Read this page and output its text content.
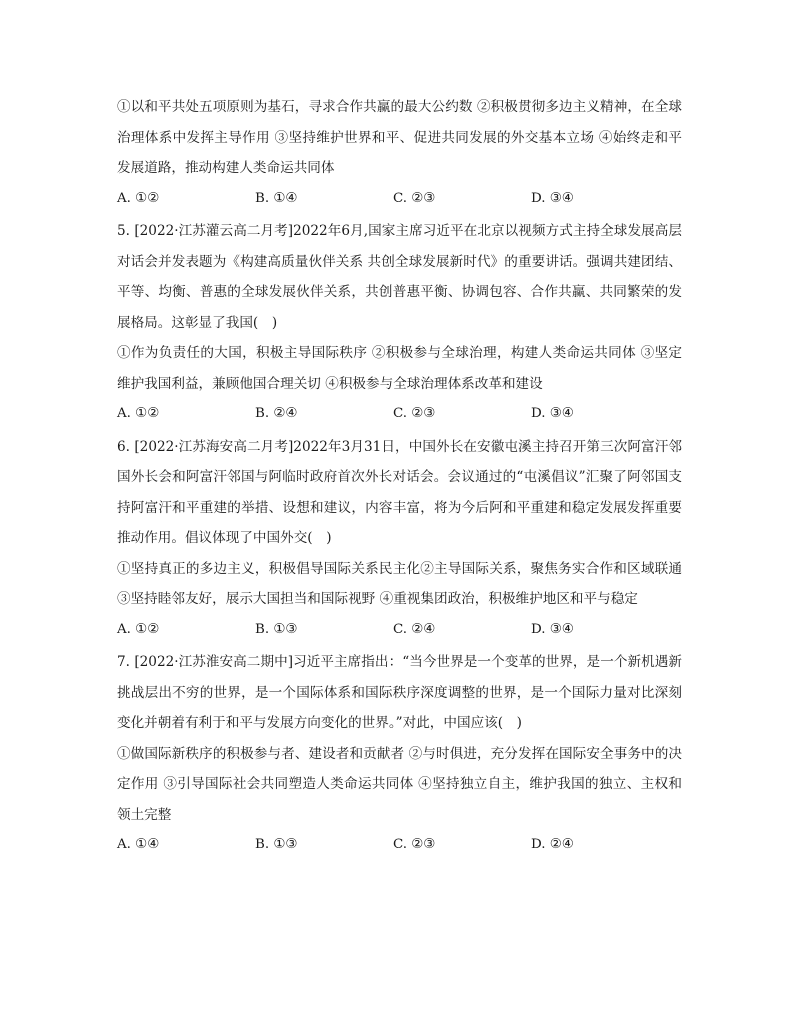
①以和平共处五项原则为基石，寻求合作共赢的最大公约数 ②积极贯彻多边主义精神，在全球治理体系中发挥主导作用 ③坚持维护世界和平、促进共同发展的外交基本立场 ④始终走和平发展道路，推动构建人类命运共同体

A. ①②	B. ①④	C. ②③	D. ③④

5. [2022·江苏灌云高二月考]2022年6月,国家主席习近平在北京以视频方式主持全球发展高层对话会并发表题为《构建高质量伙伴关系 共创全球发展新时代》的重要讲话。强调共建团结、平等、均衡、普惠的全球发展伙伴关系，共创普惠平衡、协调包容、合作共赢、共同繁荣的发展格局。这彰显了我国(　)

①作为负责任的大国，积极主导国际秩序 ②积极参与全球治理，构建人类命运共同体 ③坚定维护我国利益，兼顾他国合理关切 ④积极参与全球治理体系改革和建设

A. ①②	B. ②④	C. ②③	D. ③④

6. [2022·江苏海安高二月考]2022年3月31日，中国外长在安徽屯溪主持召开第三次阿富汗邻国外长会和阿富汗邻国与阿临时政府首次外长对话会。会议通过的“屯溪倡议”汇聚了阿邻国支持阿富汗和平重建的举措、设想和建议，内容丰富，将为今后阿和平重建和稳定发展发挥重要推动作用。倡议体现了中国外交(　)

①坚持真正的多边主义，积极倡导国际关系民主化②主导国际关系，聚焦务实合作和区域联通 ③坚持睦邻友好，展示大国担当和国际视野 ④重视集团政治，积极维护地区和平与稳定

A. ①②	B. ①③	C. ②④	D. ③④

7. [2022·江苏淮安高二期中]习近平主席指出：“当今世界是一个变革的世界，是一个新机遇新挑战层出不穷的世界，是一个国际体系和国际秩序深度调整的世界，是一个国际力量对比深刻变化并朝着有利于和平与发展方向变化的世界。”对此，中国应该(　)

①做国际新秩序的积极参与者、建设者和贡献者 ②与时俱进，充分发挥在国际安全事务中的决定作用 ③引导国际社会共同塑造人类命运共同体 ④坚持独立自主，维护我国的独立、主权和领土完整

A. ①④	B. ①③	C. ②③	D. ②④
